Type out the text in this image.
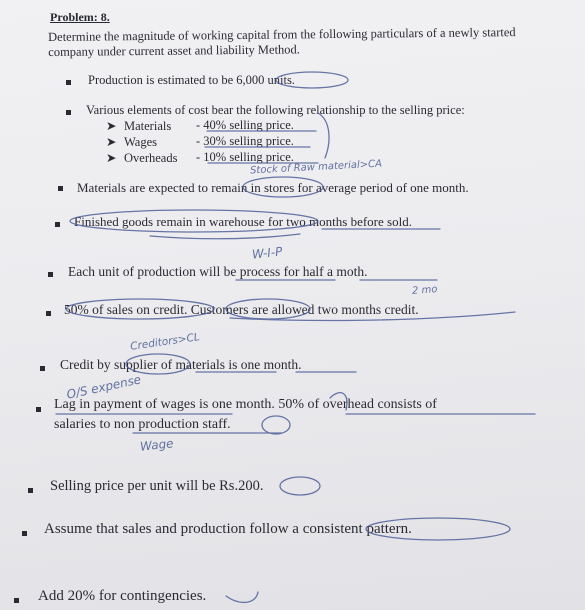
Problem: 8.
Determine the magnitude of working capital from the following particulars of a newly started company under current asset and liability Method.
Production is estimated to be 6,000 units.
Various elements of cost bear the following relationship to the selling price:
➤ Materials - 40% selling price.
➤ Wages	- 30% selling price.
➤ Overheads - 10% selling price.
Stock of Raw material>CA
Materials are expected to remain in stores for average period of one month.
Finished goods remain in warehouse for two months before sold.
W-I-P
Each unit of production will be process for half a moth.
2 mo
50% of sales on credit. Customers are allowed two months credit.
Creditors>CL
Credit by supplier of materials is one month.
O/S expense
Lag in payment of wages is one month. 50% of overhead consists of
salaries to non production staff.
Wage
Selling price per unit will be Rs.200.
Assume that sales and production follow a consistent pattern.
Add 20% for contingencies.
